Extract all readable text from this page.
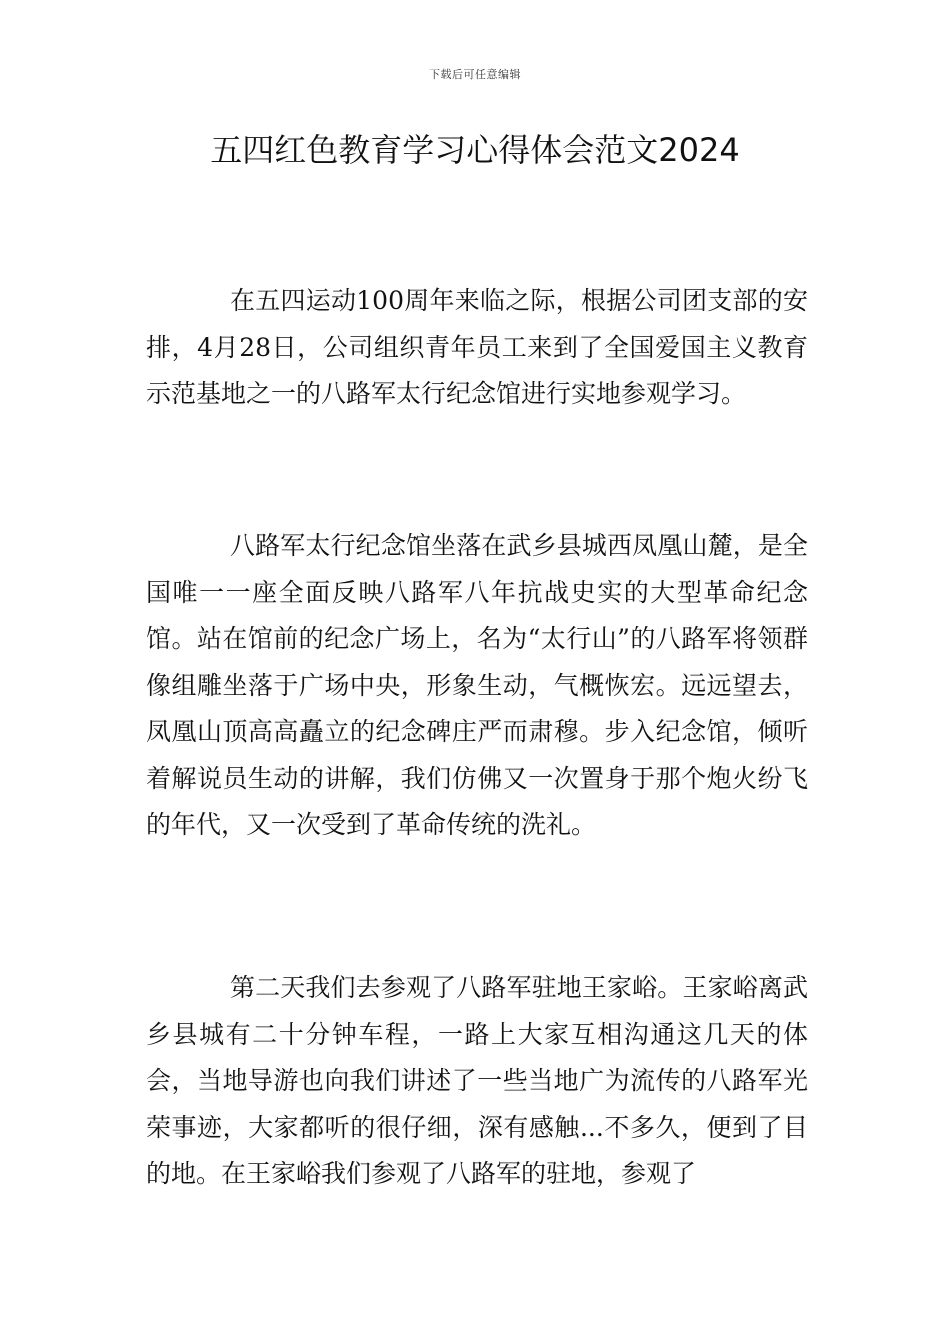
下载后可任意编辑
五四红色教育学习心得体会范文2024

在五四运动100周年来临之际，根据公司团支部的安排，4月28日，公司组织青年员工来到了全国爱国主义教育示范基地之一的八路军太行纪念馆进行实地参观学习。

八路军太行纪念馆坐落在武乡县城西凤凰山麓，是全国唯一一座全面反映八路军八年抗战史实的大型革命纪念馆。站在馆前的纪念广场上，名为“太行山”的八路军将领群像组雕坐落于广场中央，形象生动，气概恢宏。远远望去，凤凰山顶高高矗立的纪念碑庄严而肃穆。步入纪念馆，倾听着解说员生动的讲解，我们仿佛又一次置身于那个炮火纷飞的年代，又一次受到了革命传统的洗礼。

第二天我们去参观了八路军驻地王家峪。王家峪离武乡县城有二十分钟车程，一路上大家互相沟通这几天的体会，当地导游也向我们讲述了一些当地广为流传的八路军光荣事迹，大家都听的很仔细，深有感触...不多久，便到了目的地。在王家峪我们参观了八路军的驻地，参观了
